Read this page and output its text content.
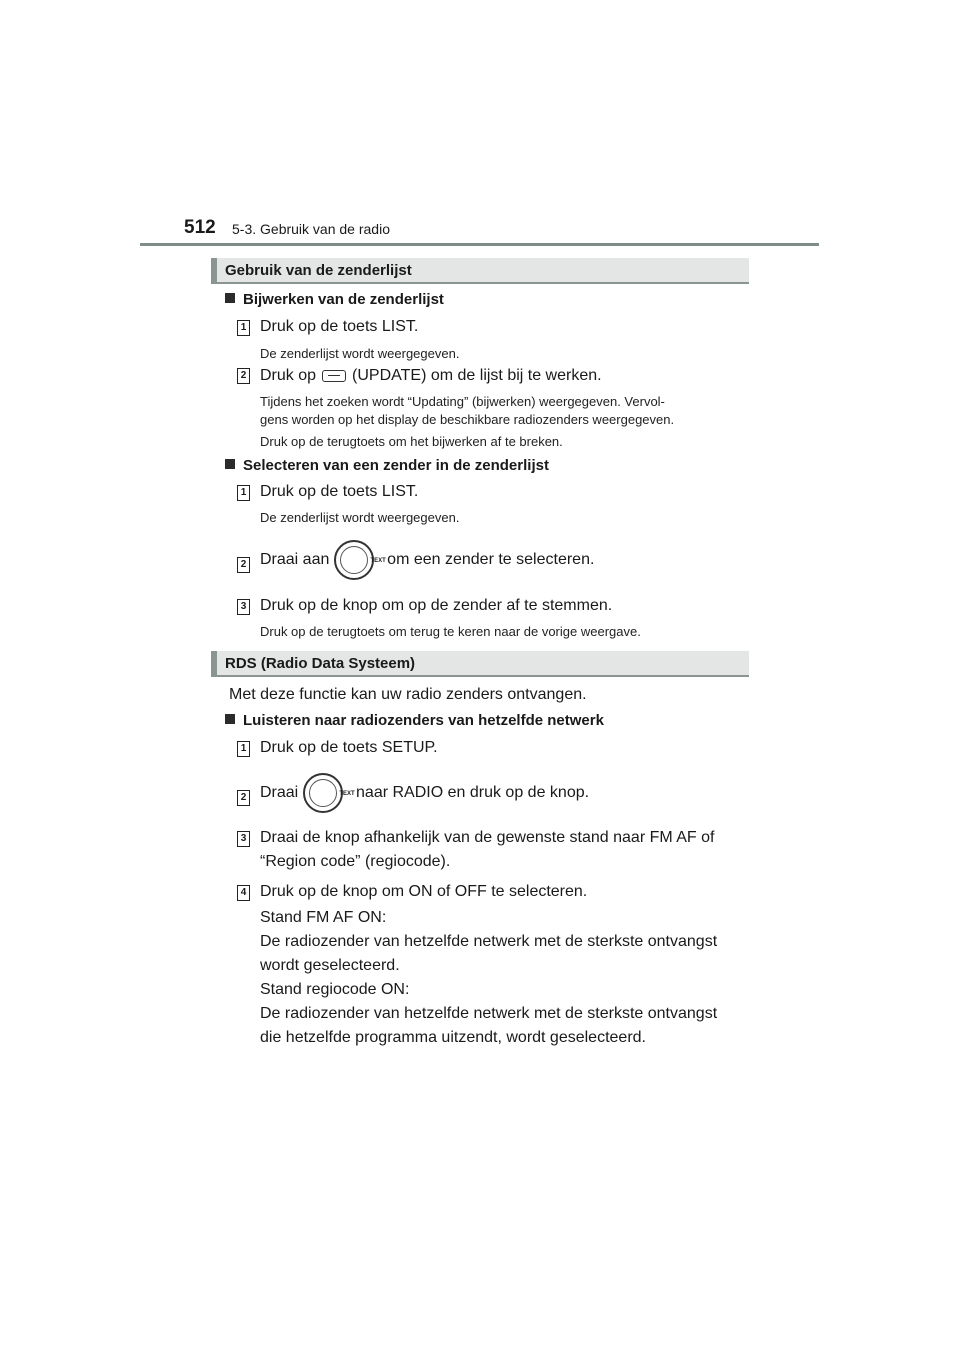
512 5-3. Gebruik van de radio
Gebruik van de zenderlijst
Bijwerken van de zenderlijst
1 Druk op de toets LIST.
De zenderlijst wordt weergegeven.
2 Druk op (UPDATE) om de lijst bij te werken.
Tijdens het zoeken wordt “Updating” (bijwerken) weergegeven. Vervol-
gens worden op het display de beschikbare radiozenders weergegeven.
Druk op de terugtoets om het bijwerken af te breken.
Selecteren van een zender in de zenderlijst
1 Druk op de toets LIST.
De zenderlijst wordt weergegeven.
2 Draai aan	TEXT om een zender te selecteren.
3 Druk op de knop om op de zender af te stemmen.
Druk op de terugtoets om terug te keren naar de vorige weergave.
RDS (Radio Data Systeem)
Met deze functie kan uw radio zenders ontvangen.
Luisteren naar radiozenders van hetzelfde netwerk
1 Druk op de toets SETUP.
2 Draai	TEXT naar RADIO en druk op de knop.
3 Draai de knop afhankelijk van de gewenste stand naar FM AF of
“Region code” (regiocode).
4 Druk op de knop om ON of OFF te selecteren.
Stand FM AF ON:
De radiozender van hetzelfde netwerk met de sterkste ontvangst
wordt geselecteerd.
Stand regiocode ON:
De radiozender van hetzelfde netwerk met de sterkste ontvangst
die hetzelfde programma uitzendt, wordt geselecteerd.
